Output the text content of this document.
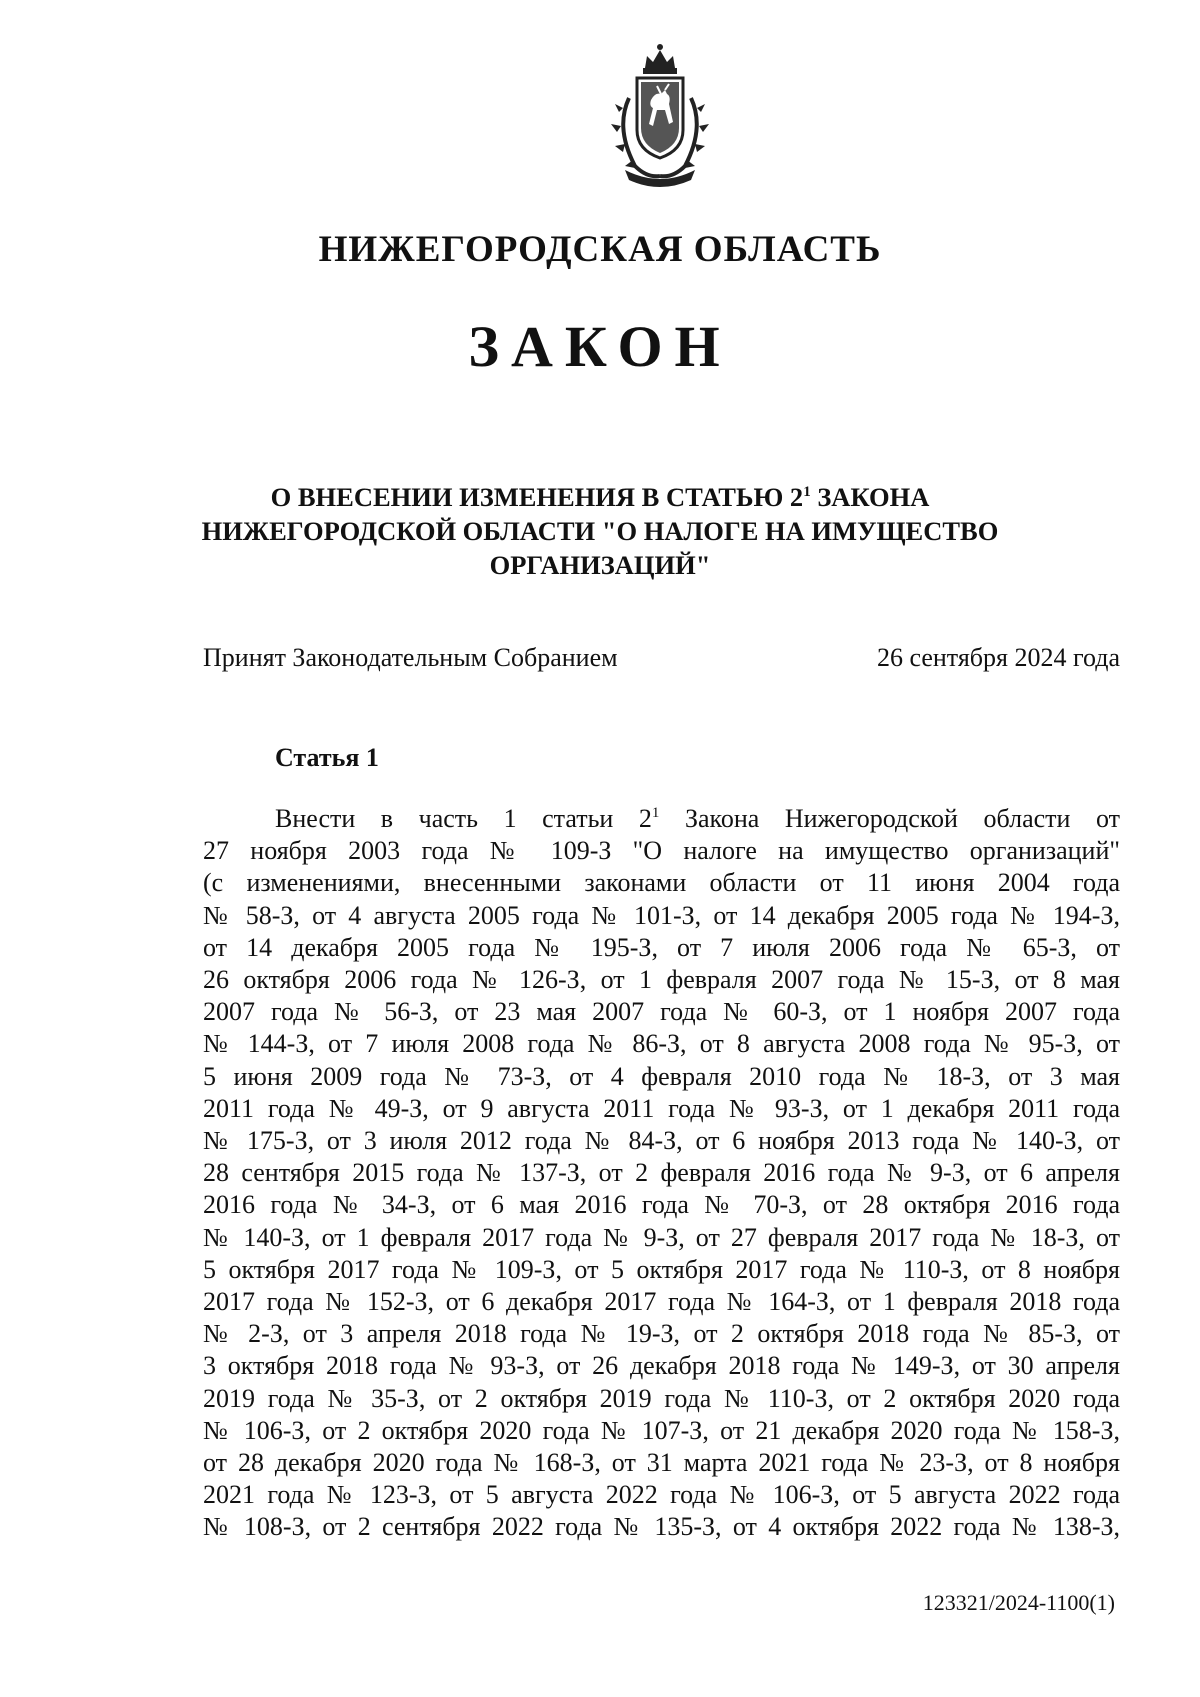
НИЖЕГОРОДСКАЯ ОБЛАСТЬ
ЗАКОН
О ВНЕСЕНИИ ИЗМЕНЕНИЯ В СТАТЬЮ $2^1$ ЗАКОНА
НИЖЕГОРОДСКОЙ ОБЛАСТИ "О НАЛОГЕ НА ИМУЩЕСТВО
ОРГАНИЗАЦИЙ"
Принят Законодательным Собранием	26 сентября 2024 года
Статья 1
Внести в часть 1 статьи $2^1$ Закона Нижегородской области от
27 ноября 2003 года № 109-З "О налоге на имущество организаций"
(с изменениями, внесенными законами области от 11 июня 2004 года
№ 58-З, от 4 августа 2005 года № 101-З, от 14 декабря 2005 года № 194-З,
от 14 декабря 2005 года № 195-З, от 7 июля 2006 года № 65-З, от
26 октября 2006 года № 126-З, от 1 февраля 2007 года № 15-З, от 8 мая
2007 года № 56-З, от 23 мая 2007 года № 60-З, от 1 ноября 2007 года
№ 144-З, от 7 июля 2008 года № 86-З, от 8 августа 2008 года № 95-З, от
5 июня 2009 года № 73-З, от 4 февраля 2010 года № 18-З, от 3 мая
2011 года № 49-З, от 9 августа 2011 года № 93-З, от 1 декабря 2011 года
№ 175-З, от 3 июля 2012 года № 84-З, от 6 ноября 2013 года № 140-З, от
28 сентября 2015 года № 137-З, от 2 февраля 2016 года № 9-З, от 6 апреля
2016 года № 34-З, от 6 мая 2016 года № 70-З, от 28 октября 2016 года
№ 140-З, от 1 февраля 2017 года № 9-З, от 27 февраля 2017 года № 18-З, от
5 октября 2017 года № 109-З, от 5 октября 2017 года № 110-З, от 8 ноября
2017 года № 152-З, от 6 декабря 2017 года № 164-З, от 1 февраля 2018 года
№ 2-З, от 3 апреля 2018 года № 19-З, от 2 октября 2018 года № 85-З, от
3 октября 2018 года № 93-З, от 26 декабря 2018 года № 149-З, от 30 апреля
2019 года № 35-З, от 2 октября 2019 года № 110-З, от 2 октября 2020 года
№ 106-З, от 2 октября 2020 года № 107-З, от 21 декабря 2020 года № 158-З,
от 28 декабря 2020 года № 168-З, от 31 марта 2021 года № 23-З, от 8 ноября
2021 года № 123-З, от 5 августа 2022 года № 106-З, от 5 августа 2022 года
№ 108-З, от 2 сентября 2022 года № 135-З, от 4 октября 2022 года № 138-З,
123321/2024-1100(1)
